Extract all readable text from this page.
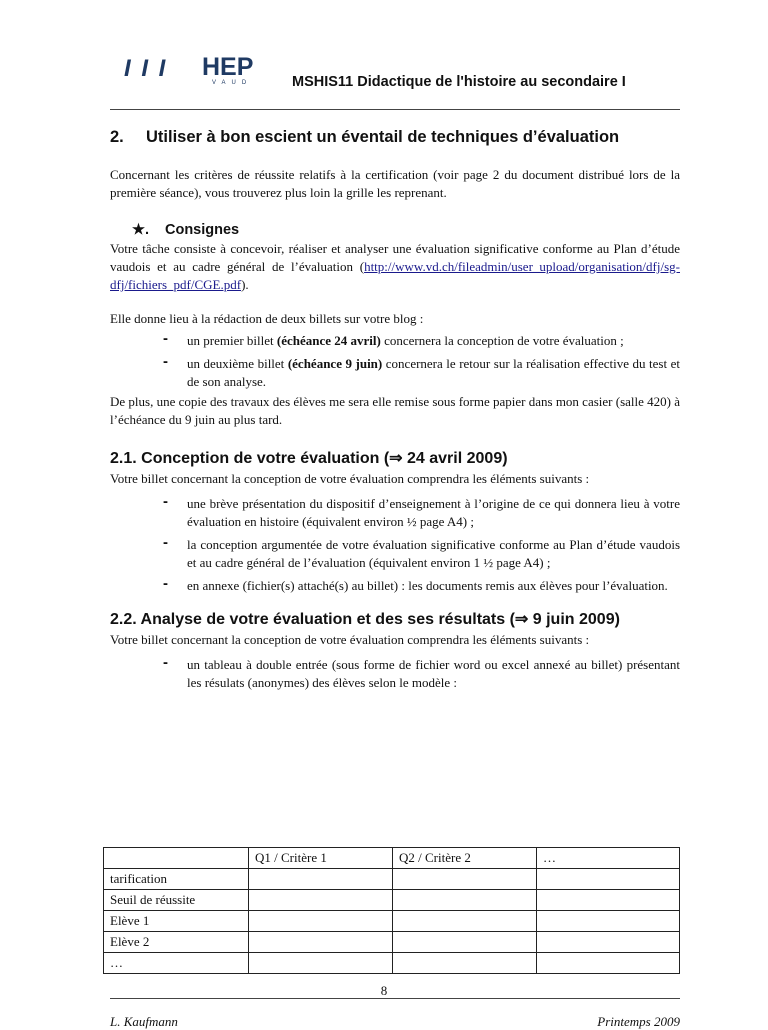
I I I HEP
VAUD	MSHIS11 Didactique de l'histoire au secondaire I
2. Utiliser à bon escient un éventail de techniques d’évaluation

Concernant les critères de réussite relatifs à la certification (voir page 2 du document distribué lors de la première séance), vous trouverez plus loin la grille les reprenant.

★. Consignes

Votre tâche consiste à concevoir, réaliser et analyser une évaluation significative conforme au Plan d’étude vaudois et au cadre général de l’évaluation (http://www.vd.ch/fileadmin/user_upload/organisation/dfj/sg-dfj/fichiers_pdf/CGE.pdf).

Elle donne lieu à la rédaction de deux billets sur votre blog :

- un premier billet (échéance 24 avril) concernera la conception de votre évaluation ;
- un deuxième billet (échéance 9 juin) concernera le retour sur la réalisation effective du test et de son analyse.

De plus, une copie des travaux des élèves me sera elle remise sous forme papier dans mon casier (salle 420) à l’échéance du 9 juin au plus tard.

2.1. Conception de votre évaluation (⇒ 24 avril 2009)

Votre billet concernant la conception de votre évaluation comprendra les éléments suivants :

- une brève présentation du dispositif d’enseignement à l’origine de ce qui donnera lieu à votre évaluation en histoire (équivalent environ ½ page A4) ;
- la conception argumentée de votre évaluation significative conforme au Plan d’étude vaudois et au cadre général de l’évaluation (équivalent environ 1 ½ page A4) ;
- en annexe (fichier(s) attaché(s) au billet) : les documents remis aux élèves pour l’évaluation.
2.2. Analyse de votre évaluation et des ses résultats (⇒ 9 juin 2009)

Votre billet concernant la conception de votre évaluation comprendra les éléments suivants :

- un tableau à double entrée (sous forme de fichier word ou excel annexé au billet) présentant les résulats (anonymes) des élèves selon le modèle :
	Q1 / Critère 1	Q2 / Critère 2	…
tarification			
Seuil de réussite			
Elève 1			
Elève 2			
…			
8
L. Kaufmann	Printemps 2009
